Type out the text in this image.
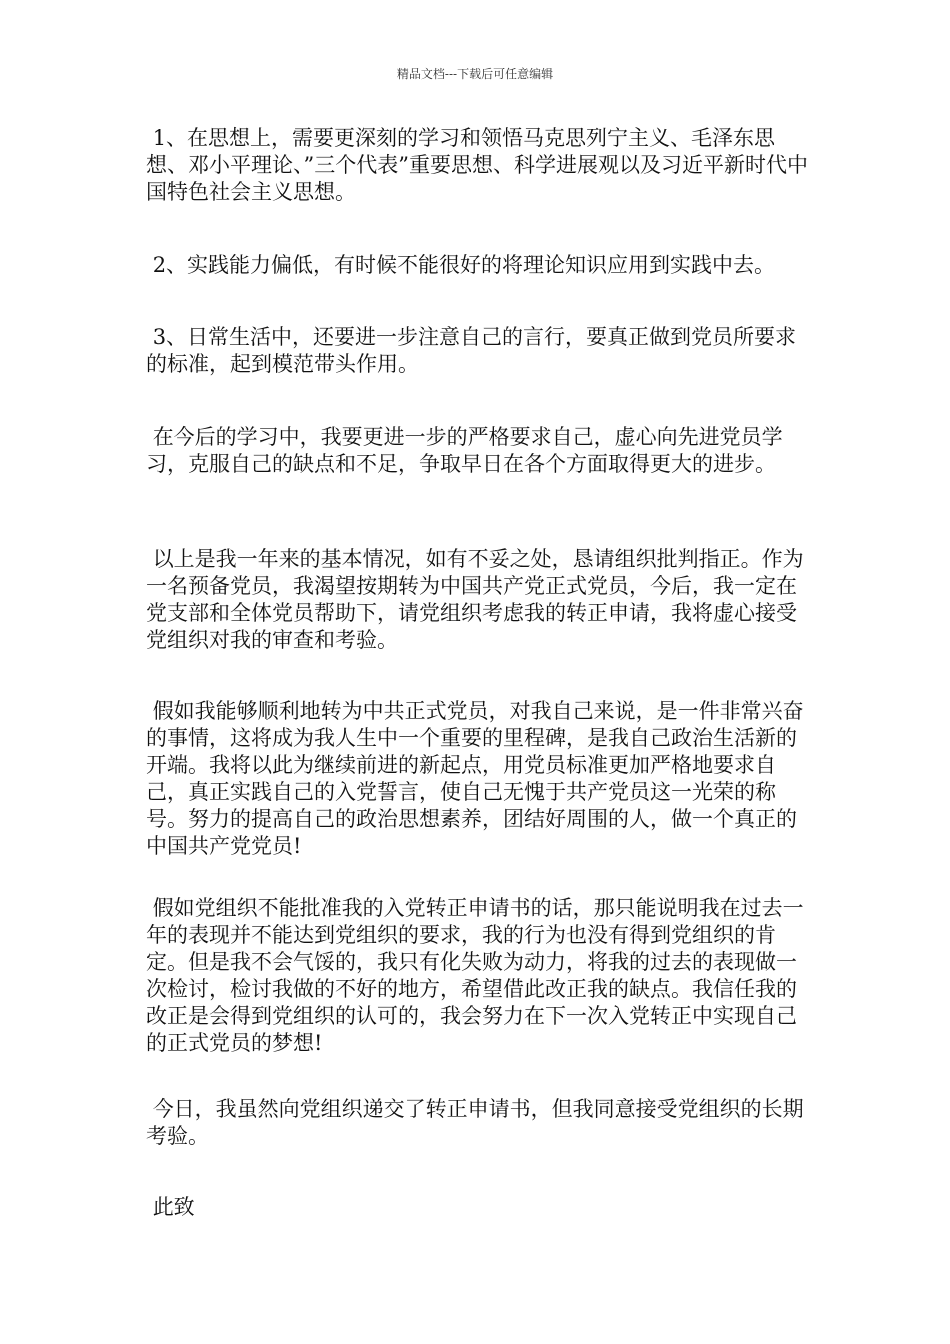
精品文档---下载后可任意编辑

1、在思想上，需要更深刻的学习和领悟马克思列宁主义、毛泽东思想、邓小平理论、”三个代表”重要思想、科学进展观以及习近平新时代中国特色社会主义思想。

2、实践能力偏低，有时候不能很好的将理论知识应用到实践中去。

3、日常生活中，还要进一步注意自己的言行，要真正做到党员所要求的标准，起到模范带头作用。

在今后的学习中，我要更进一步的严格要求自己，虚心向先进党员学习，克服自己的缺点和不足，争取早日在各个方面取得更大的进步。

以上是我一年来的基本情况，如有不妥之处，恳请组织批判指正。作为一名预备党员，我渴望按期转为中国共产党正式党员，今后，我一定在党支部和全体党员帮助下，请党组织考虑我的转正申请，我将虚心接受党组织对我的审查和考验。

假如我能够顺利地转为中共正式党员，对我自己来说，是一件非常兴奋的事情，这将成为我人生中一个重要的里程碑，是我自己政治生活新的开端。我将以此为继续前进的新起点，用党员标准更加严格地要求自己，真正实践自己的入党誓言，使自己无愧于共产党员这一光荣的称号。努力的提高自己的政治思想素养，团结好周围的人，做一个真正的中国共产党党员!

假如党组织不能批准我的入党转正申请书的话，那只能说明我在过去一年的表现并不能达到党组织的要求，我的行为也没有得到党组织的肯定。但是我不会气馁的，我只有化失败为动力，将我的过去的表现做一次检讨，检讨我做的不好的地方，希望借此改正我的缺点。我信任我的改正是会得到党组织的认可的，我会努力在下一次入党转正中实现自己的正式党员的梦想!

今日，我虽然向党组织递交了转正申请书，但我同意接受党组织的长期考验。

此致
